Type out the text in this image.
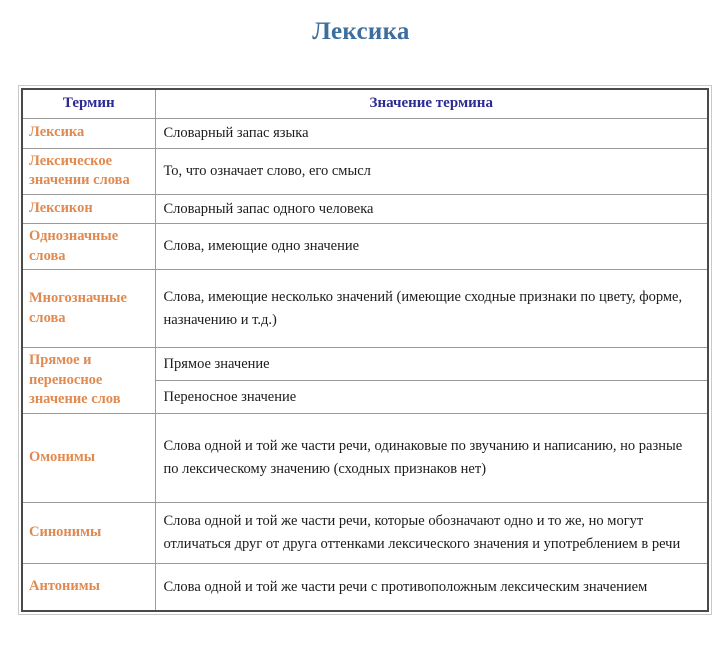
Лексика
Термин	Значение термина
Лексика	Словарный запас языка
Лексическое значении слова	То, что означает слово, его смысл
Лексикон	Словарный запас одного человека
Однозначные слова	Слова, имеющие одно значение
Многозначные слова	Слова, имеющие несколько значений (имеющие сходные признаки по цвету, форме, назначению и т.д.)
Прямое и переносное значение слов	Прямое значение
	Переносное значение
Омонимы	Слова одной и той же части речи, одинаковые по звучанию и написанию, но разные по лексическому значению (сходных признаков нет)
Синонимы	Слова одной и той же части речи, которые обозначают одно и то же, но могут отличаться друг от друга оттенками лексического значения и употреблением в речи
Антонимы	Слова одной и той же части речи с противоположным лексическим значением
